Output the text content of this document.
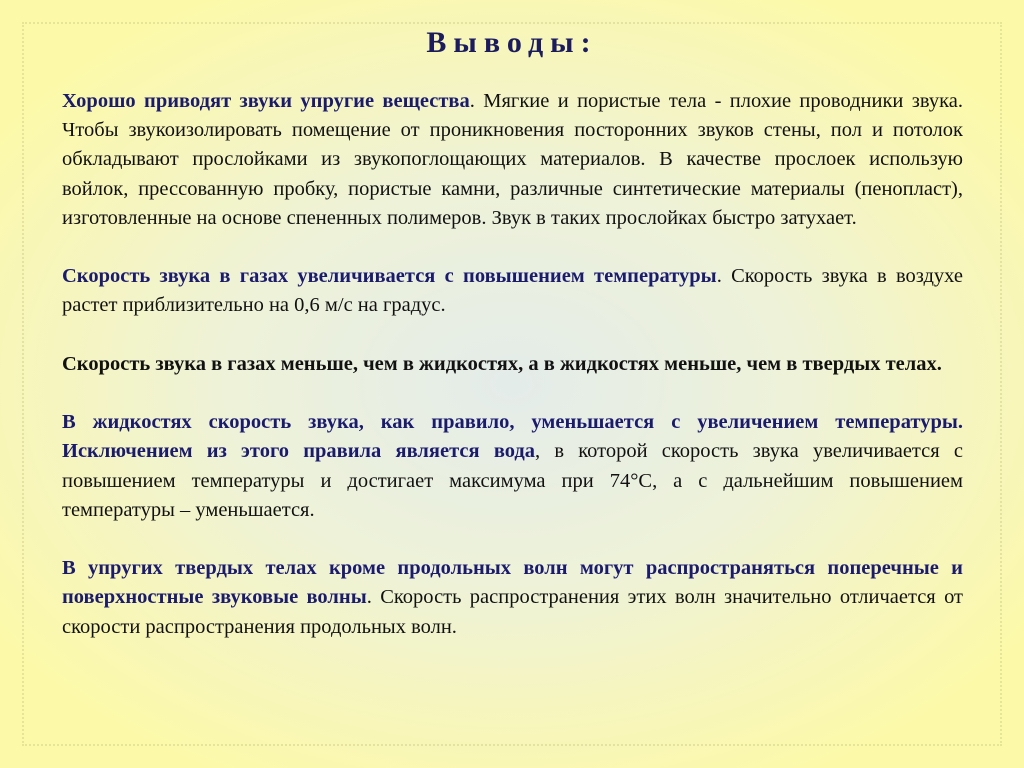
Выводы:

Хорошо приводят звуки упругие вещества. Мягкие и пористые тела - плохие проводники звука. Чтобы звукоизолировать помещение от проникновения посторонних звуков стены, пол и потолок обкладывают прослойками из звукопоглощающих материалов. В качестве прослоек использую войлок, прессованную пробку, пористые камни, различные синтетические материалы (пенопласт), изготовленные на основе спененных полимеров. Звук в таких прослойках быстро затухает.

Скорость звука в газах увеличивается с повышением температуры. Скорость звука в воздухе растет приблизительно на 0,6 м/с на градус.

Скорость звука в газах меньше, чем в жидкостях, а в жидкостях меньше, чем в твердых телах.

В жидкостях скорость звука, как правило, уменьшается с увеличением температуры. Исключением из этого правила является вода, в которой скорость звука увеличивается с повышением температуры и достигает максимума при 74°С, а с дальнейшим повышением температуры – уменьшается.

В упругих твердых телах кроме продольных волн могут распространяться поперечные и поверхностные звуковые волны. Скорость распространения этих волн значительно отличается от скорости распространения продольных волн.
